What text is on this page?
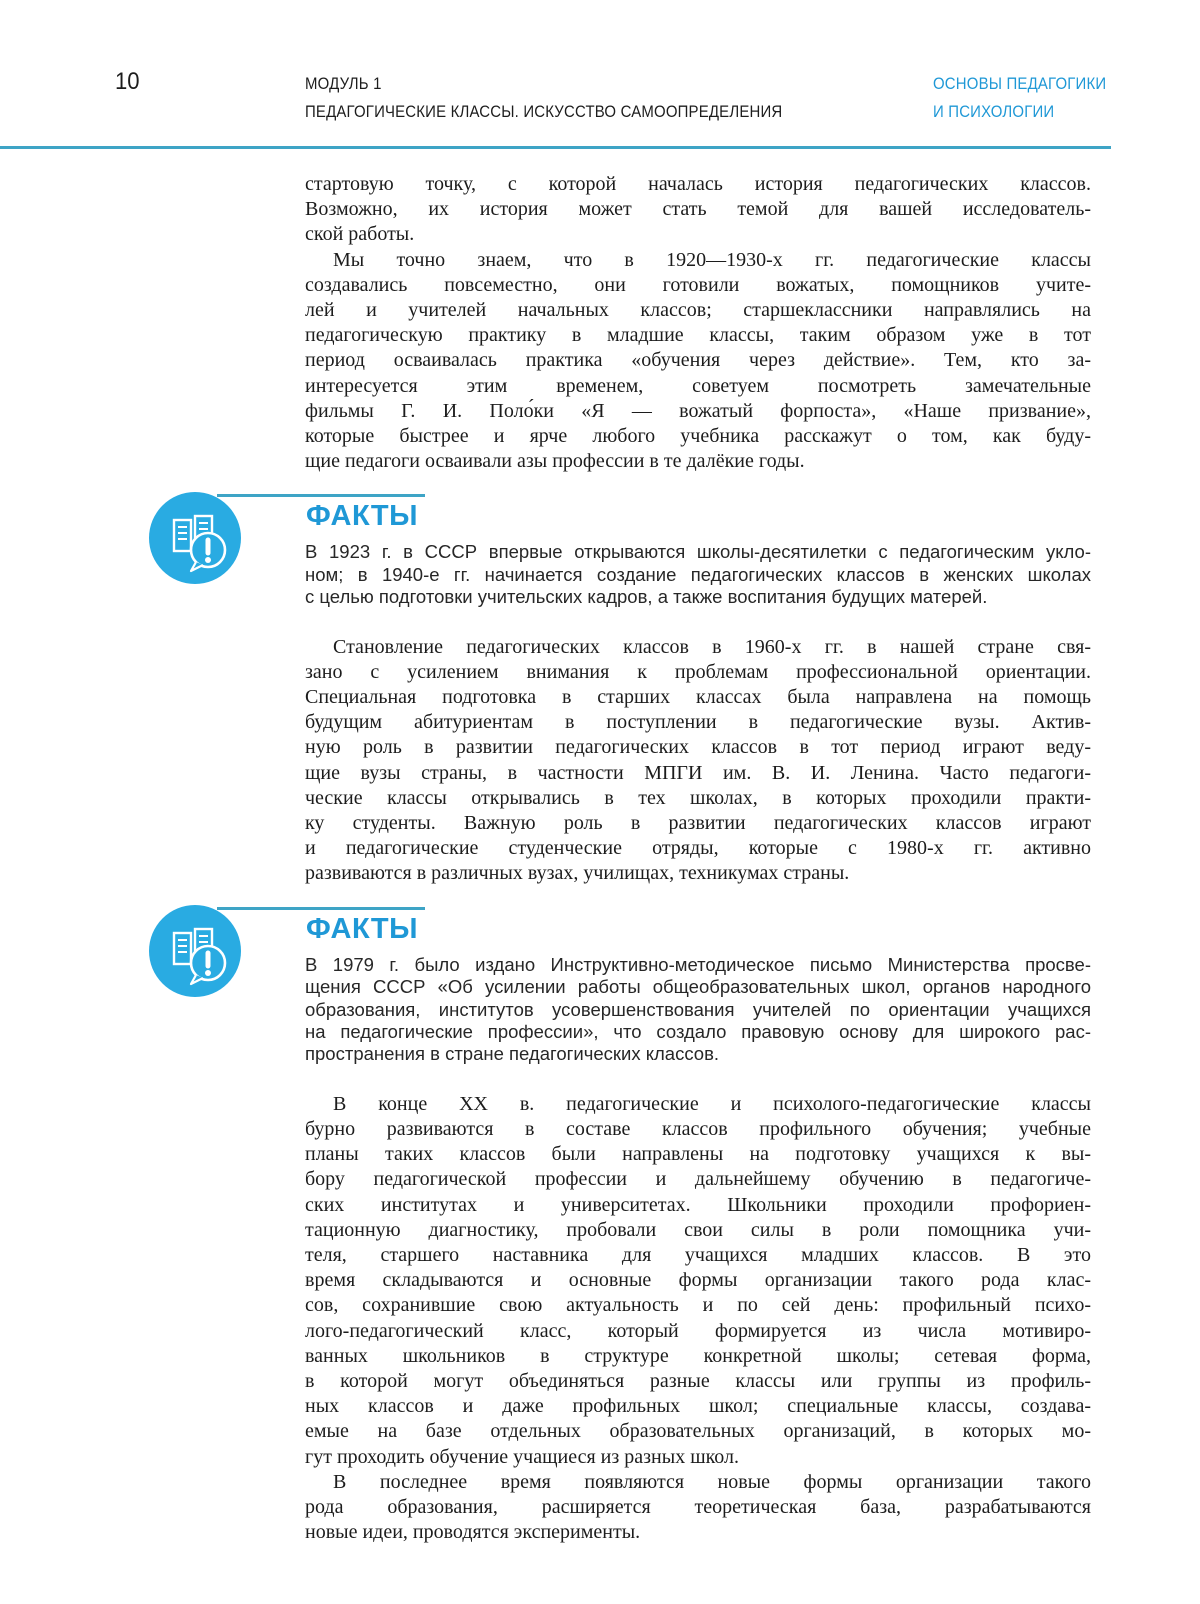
10	МОДУЛЬ 1
ПЕДАГОГИЧЕСКИЕ КЛАССЫ. ИСКУССТВО САМООПРЕДЕЛЕНИЯ
ОСНОВЫ ПЕДАГОГИКИ
И ПСИХОЛОГИИ
стартовую точку, с которой началась история педагогических классов.
Возможно, их история может стать темой для вашей исследователь-
ской работы.
Мы точно знаем, что в 1920—1930-х гг. педагогические классы
создавались повсеместно, они готовили вожатых, помощников учите-
лей и учителей начальных классов; старшеклассники направлялись на
педагогическую практику в младшие классы, таким образом уже в тот
период осваивалась практика «обучения через действие». Тем, кто за-
интересуется этим временем, советуем посмотреть замечательные
фильмы Г. И. Поло́ки «Я — вожатый форпоста», «Наше призвание»,
которые быстрее и ярче любого учебника расскажут о том, как буду-
щие педагоги осваивали азы профессии в те далёкие годы.
ФАКТЫ
В 1923 г. в СССР впервые открываются школы-десятилетки с педагогическим укло-
ном; в 1940-е гг. начинается создание педагогических классов в женских школах
с целью подготовки учительских кадров, а также воспитания будущих матерей.
Становление педагогических классов в 1960-х гг. в нашей стране свя-
зано с усилением внимания к проблемам профессиональной ориентации.
Специальная подготовка в старших классах была направлена на помощь
будущим абитуриентам в поступлении в педагогические вузы. Актив-
ную роль в развитии педагогических классов в тот период играют веду-
щие вузы страны, в частности МПГИ им. В. И. Ленина. Часто педагоги-
ческие классы открывались в тех школах, в которых проходили практи-
ку студенты. Важную роль в развитии педагогических классов играют
и педагогические студенческие отряды, которые с 1980-х гг. активно
развиваются в различных вузах, училищах, техникумах страны.
ФАКТЫ
В 1979 г. было издано Инструктивно-методическое письмо Министерства просве-
щения СССР «Об усилении работы общеобразовательных школ, органов народного
образования, институтов усовершенствования учителей по ориентации учащихся
на педагогические профессии», что создало правовую основу для широкого рас-
пространения в стране педагогических классов.
В конце XX в. педагогические и психолого-педагогические классы
бурно развиваются в составе классов профильного обучения; учебные
планы таких классов были направлены на подготовку учащихся к вы-
бору педагогической профессии и дальнейшему обучению в педагогиче-
ских институтах и университетах. Школьники проходили профориен-
тационную диагностику, пробовали свои силы в роли помощника учи-
теля, старшего наставника для учащихся младших классов. В это
время складываются и основные формы организации такого рода клас-
сов, сохранившие свою актуальность и по сей день: профильный психо-
лого-педагогический класс, который формируется из числа мотивиро-
ванных школьников в структуре конкретной школы; сетевая форма,
в которой могут объединяться разные классы или группы из профиль-
ных классов и даже профильных школ; специальные классы, создава-
емые на базе отдельных образовательных организаций, в которых мо-
гут проходить обучение учащиеся из разных школ.
В последнее время появляются новые формы организации такого
рода образования, расширяется теоретическая база, разрабатываются
новые идеи, проводятся эксперименты.
